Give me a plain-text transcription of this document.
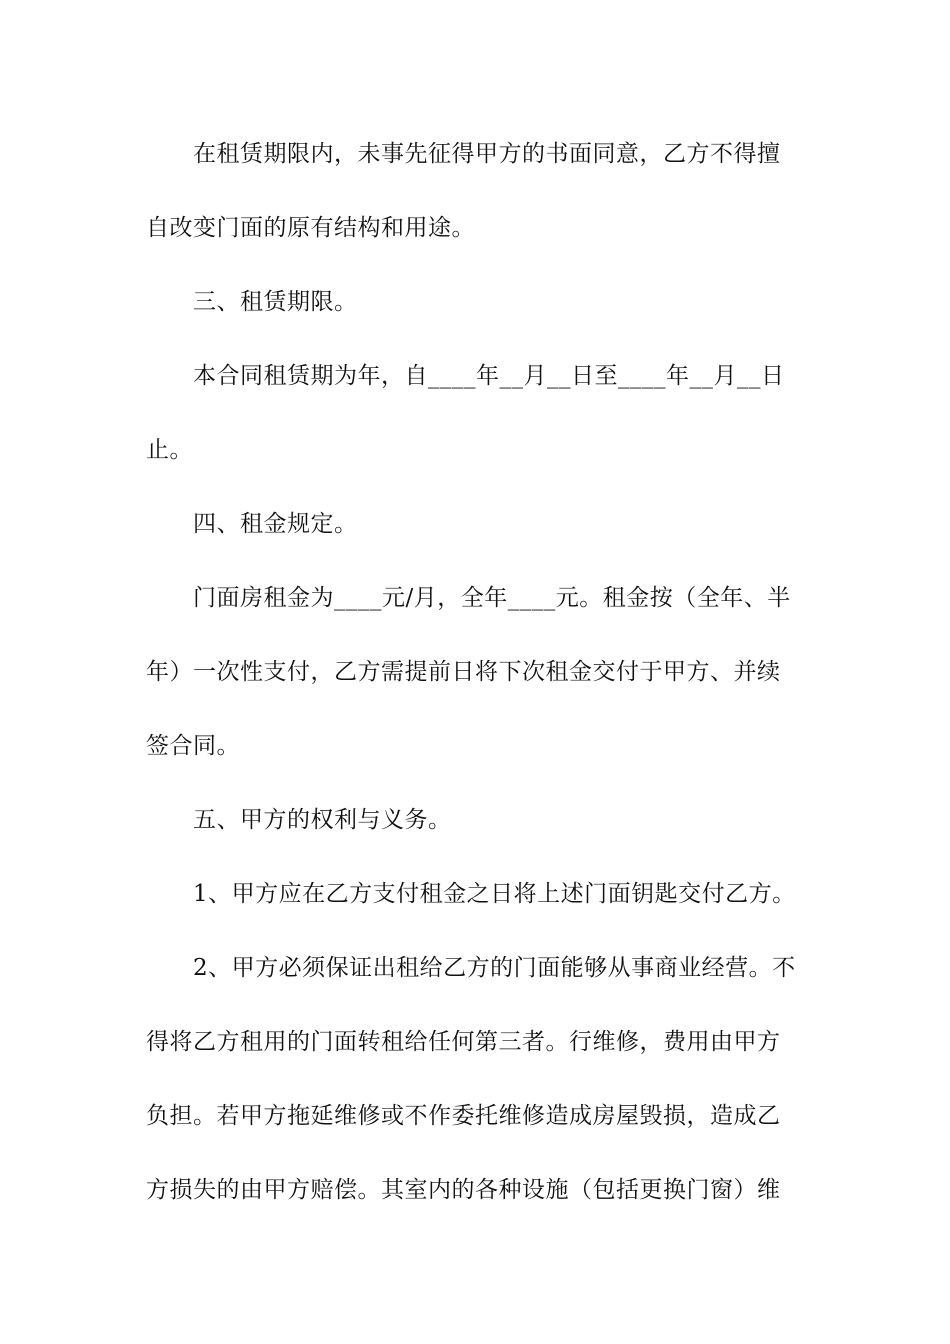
在租赁期限内，未事先征得甲方的书面同意，乙方不得擅
自改变门面的原有结构和用途。
三、租赁期限。
本合同租赁期为年，自____年__月__日至____年__月__日
止。
四、租金规定。
门面房租金为____元/月，全年____元。租金按（全年、半
年）一次性支付，乙方需提前日将下次租金交付于甲方、并续
签合同。
五、甲方的权利与义务。
1、甲方应在乙方支付租金之日将上述门面钥匙交付乙方。
2、甲方必须保证出租给乙方的门面能够从事商业经营。不
得将乙方租用的门面转租给任何第三者。行维修，费用由甲方
负担。若甲方拖延维修或不作委托维修造成房屋毁损，造成乙
方损失的由甲方赔偿。其室内的各种设施（包括更换门窗）维
